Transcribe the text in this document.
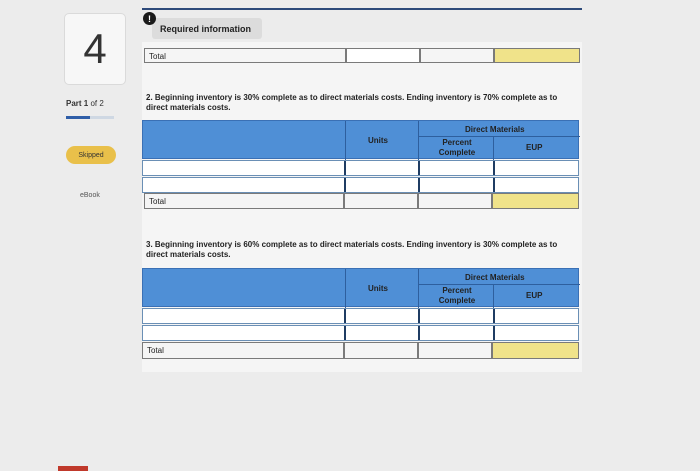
4
Part 1 of 2
Skipped
eBook
Required information
!
Total
2. Beginning inventory is 30% complete as to direct materials costs. Ending inventory is 70% complete as to direct materials costs.
Units
Direct Materials
Percent Complete
EUP
Total
3. Beginning inventory is 60% complete as to direct materials costs. Ending inventory is 30% complete as to direct materials costs.
Units
Direct Materials
Percent Complete
EUP
Total
